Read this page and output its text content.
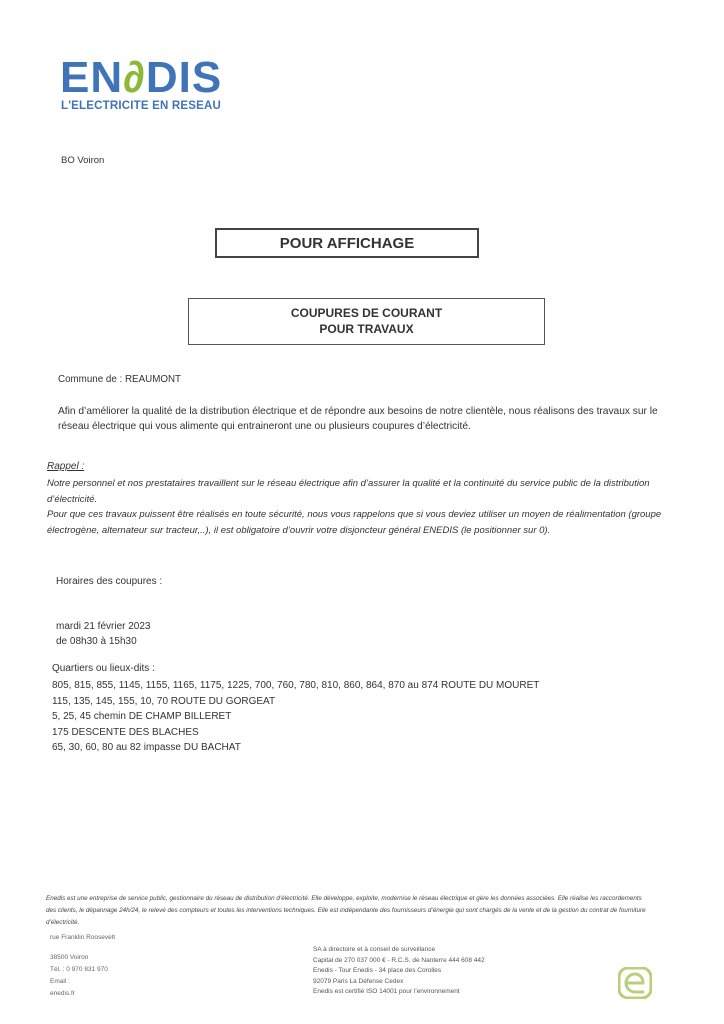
EN∂DIS
L'ELECTRICITE EN RESEAU
BO Voiron
POUR AFFICHAGE
COUPURES DE COURANT
POUR TRAVAUX
Commune de : REAUMONT
Afin d’améliorer la qualité de la distribution électrique et de répondre aux besoins de notre clientèle, nous réalisons des travaux sur le réseau électrique qui vous alimente qui entraineront une ou plusieurs coupures d’électricité.
Rappel :
Notre personnel et nos prestataires travaillent sur le réseau électrique afin d’assurer la qualité et la continuité du service public de la distribution d’électricité.
Pour que ces travaux puissent être réalisés en toute sécurité, nous vous rappelons que si vous deviez utiliser un moyen de réalimentation (groupe électrogène, alternateur sur tracteur,..), il est obligatoire d’ouvrir votre disjoncteur général ENEDIS (le positionner sur 0).
Horaires des coupures :
mardi 21 février 2023
de 08h30 à 15h30
Quartiers ou lieux-dits :
805, 815, 855, 1145, 1155, 1165, 1175, 1225, 700, 760, 780, 810, 860, 864, 870 au 874 ROUTE DU MOURET
115, 135, 145, 155, 10, 70 ROUTE DU GORGEAT
5, 25, 45 chemin DE CHAMP BILLERET
175 DESCENTE DES BLACHES
65, 30, 60, 80 au 82 impasse DU BACHAT
Enedis est une entreprise de service public, gestionnaire du réseau de distribution d’électricité. Elle développe, exploite, modernise le réseau électrique et gère les données associées. Elle réalise les raccordements des clients, le dépannage 24h/24, le relevé des compteurs et toutes les interventions techniques. Elle est indépendante des fournisseurs d’énergie qui sont chargés de la vente et de la gestion du contrat de fourniture d’électricité.
rue Franklin Roosevelt
38500 Voiron
Tél. : 0 970 831 970
Email :
enedis.fr
SA à directoire et à conseil de surveillance
Capital de 270 037 000 € - R.C.S. de Nanterre 444 608 442
Enedis - Tour Enedis - 34 place des Corolles
92079 Paris La Défense Cedex
Enedis est certifié ISO 14001 pour l’environnement
